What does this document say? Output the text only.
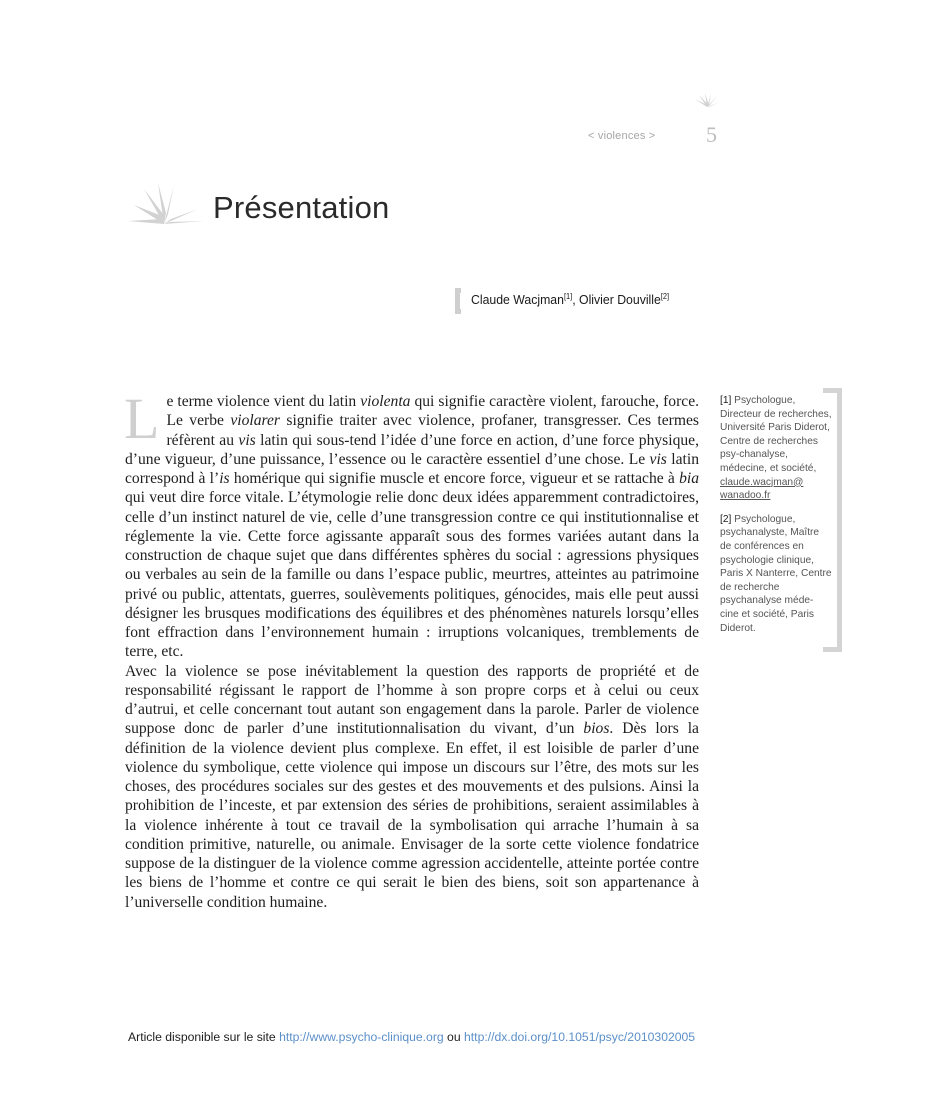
< violences > 5
Présentation
Claude Wacjman[1], Olivier Douville[2]

Le terme violence vient du latin violenta qui signifie caractère violent, farouche, force. Le verbe violarer signifie traiter avec violence, profaner, transgresser. Ces termes réfèrent au vis latin qui sous-tend l’idée d’une force en action, d’une force physique, d’une vigueur, d’une puissance, l’essence ou le caractère essentiel d’une chose. Le vis latin correspond à l’is homérique qui signifie muscle et encore force, vigueur et se rattache à bia qui veut dire force vitale. L’étymologie relie donc deux idées apparemment contradictoires, celle d’un instinct naturel de vie, celle d’une transgression contre ce qui institutionnalise et réglemente la vie. Cette force agissante apparaît sous des formes variées autant dans la construction de chaque sujet que dans différentes sphères du social : agressions physiques ou verbales au sein de la famille ou dans l’espace public, meurtres, atteintes au patrimoine privé ou public, attentats, guerres, soulèvements politiques, génocides, mais elle peut aussi désigner les brusques modifications des équilibres et des phénomènes naturels lorsqu’elles font effraction dans l’environnement humain : irruptions volcaniques, tremblements de terre, etc.

Avec la violence se pose inévitablement la question des rapports de propriété et de responsabilité régissant le rapport de l’homme à son propre corps et à celui ou ceux d’autrui, et celle concernant tout autant son engagement dans la parole. Parler de violence suppose donc de parler d’une institutionnalisation du vivant, d’un bios. Dès lors la définition de la violence devient plus complexe. En effet, il est loisible de parler d’une violence du symbolique, cette violence qui impose un discours sur l’être, des mots sur les choses, des procédures sociales sur des gestes et des mouvements et des pulsions. Ainsi la prohibition de l’inceste, et par extension des séries de prohibitions, seraient assimilables à la violence inhérente à tout ce travail de la symbolisation qui arrache l’humain à sa condition primitive, naturelle, ou animale. Envisager de la sorte cette violence fondatrice suppose de la distinguer de la violence comme agression accidentelle, atteinte portée contre les biens de l’homme et contre ce qui serait le bien des biens, soit son appartenance à l’universelle condition humaine.

[1] Psychologue, Directeur de recherches, Université Paris Diderot, Centre de recherches psy-chanalyse, médecine, et société, claude.wacjman@ wanadoo.fr
[2] Psychologue, psychanalyste, Maître de conférences en psychologie clinique, Paris X Nanterre, Centre de recherche psychanalyse méde-cine et société, Paris Diderot.
Article disponible sur le site http://www.psycho-clinique.org ou http://dx.doi.org/10.1051/psyc/2010302005
